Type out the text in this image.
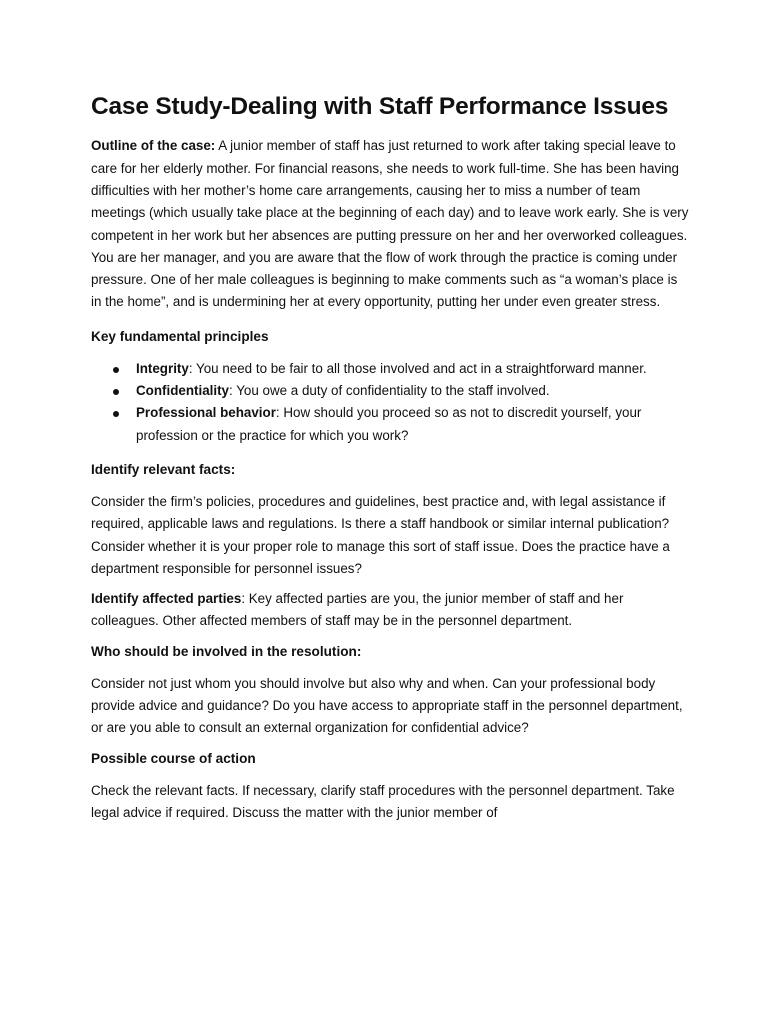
Case Study-Dealing with Staff Performance Issues

Outline of the case: A junior member of staff has just returned to work after taking special leave to care for her elderly mother. For financial reasons, she needs to work full-time. She has been having difficulties with her mother’s home care arrangements, causing her to miss a number of team meetings (which usually take place at the beginning of each day) and to leave work early. She is very competent in her work but her absences are putting pressure on her and her overworked colleagues. You are her manager, and you are aware that the flow of work through the practice is coming under pressure. One of her male colleagues is beginning to make comments such as “a woman’s place is in the home”, and is undermining her at every opportunity, putting her under even greater stress.

Key fundamental principles
Integrity: You need to be fair to all those involved and act in a straightforward manner.
Confidentiality: You owe a duty of confidentiality to the staff involved.
Professional behavior: How should you proceed so as not to discredit yourself, your profession or the practice for which you work?
Identify relevant facts:

Consider the firm’s policies, procedures and guidelines, best practice and, with legal assistance if required, applicable laws and regulations. Is there a staff handbook or similar internal publication? Consider whether it is your proper role to manage this sort of staff issue. Does the practice have a department responsible for personnel issues?

Identify affected parties: Key affected parties are you, the junior member of staff and her colleagues. Other affected members of staff may be in the personnel department.

Who should be involved in the resolution:

Consider not just whom you should involve but also why and when. Can your professional body provide advice and guidance? Do you have access to appropriate staff in the personnel department, or are you able to consult an external organization for confidential advice?

Possible course of action

Check the relevant facts. If necessary, clarify staff procedures with the personnel department. Take legal advice if required. Discuss the matter with the junior member of
